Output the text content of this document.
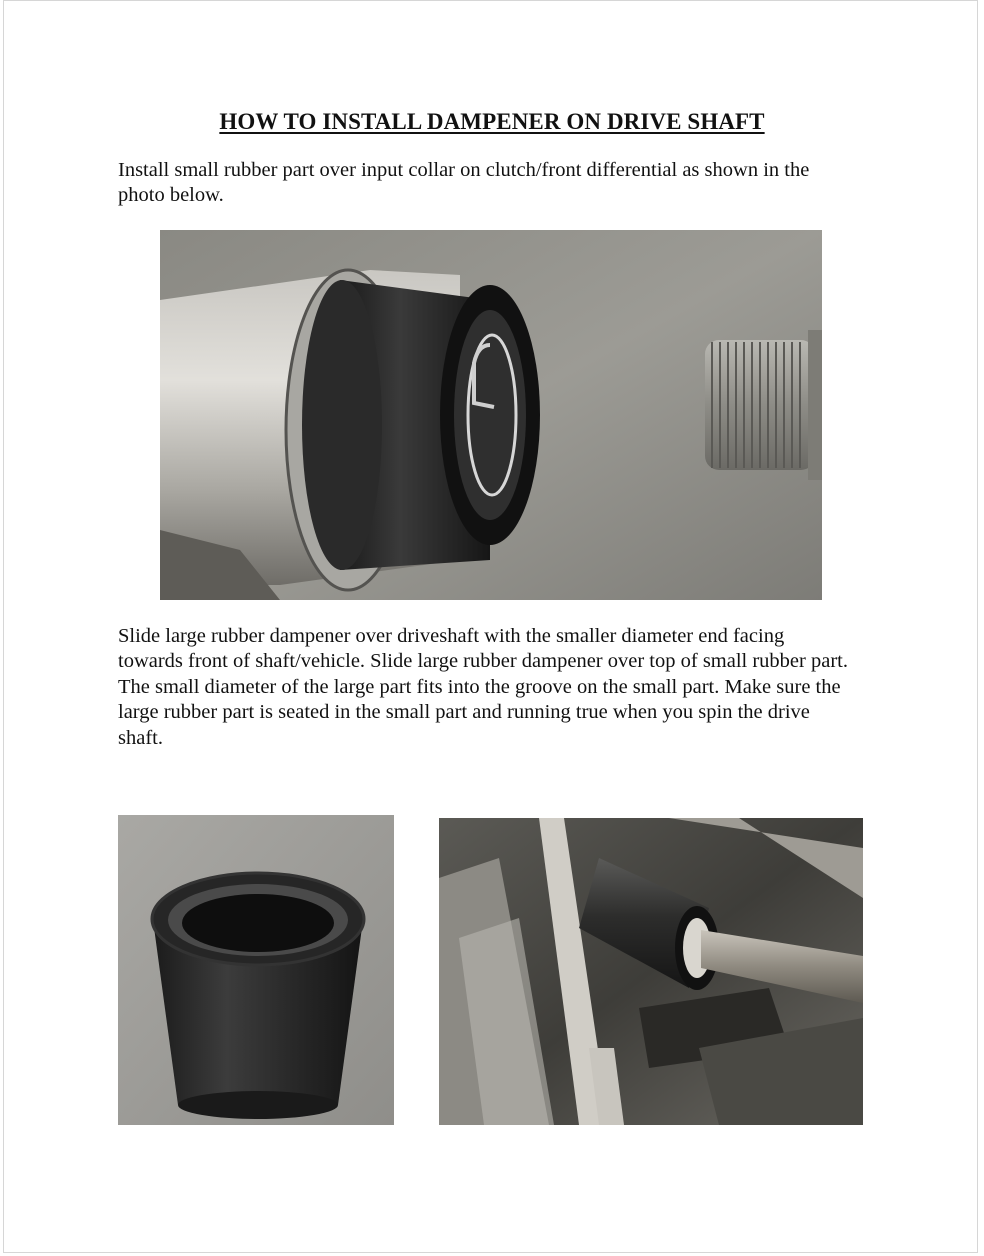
HOW TO INSTALL DAMPENER ON DRIVE SHAFT

Install small rubber part over input collar on clutch/front differential as shown in the photo below.

Slide large rubber dampener over driveshaft with the smaller diameter end facing towards front of shaft/vehicle. Slide large rubber dampener over top of small rubber part. The small diameter of the large part fits into the groove on the small part. Make sure the large rubber part is seated in the small part and running true when you spin the drive shaft.
